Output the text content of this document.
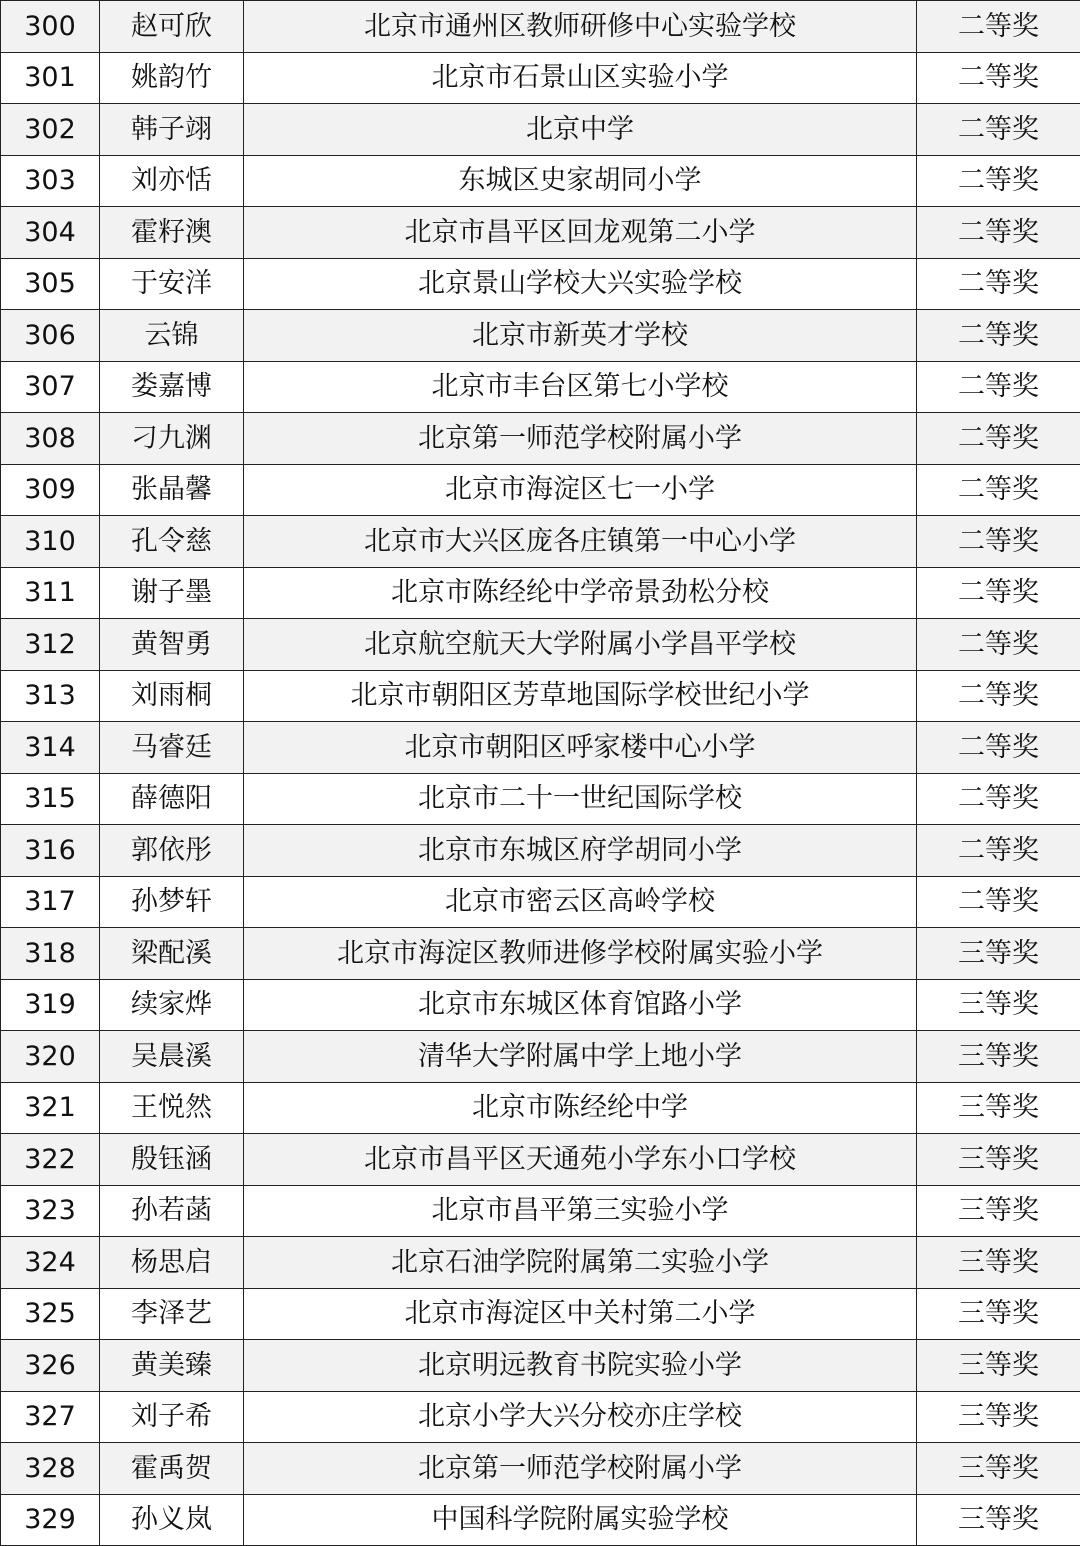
300	赵可欣	北京市通州区教师研修中心实验学校	二等奖
301	姚韵竹	北京市石景山区实验小学	二等奖
302	韩子翊	北京中学	二等奖
303	刘亦恬	东城区史家胡同小学	二等奖
304	霍籽澳	北京市昌平区回龙观第二小学	二等奖
305	于安洋	北京景山学校大兴实验学校	二等奖
306	云锦	北京市新英才学校	二等奖
307	娄嘉博	北京市丰台区第七小学校	二等奖
308	刁九渊	北京第一师范学校附属小学	二等奖
309	张晶馨	北京市海淀区七一小学	二等奖
310	孔令慈	北京市大兴区庞各庄镇第一中心小学	二等奖
311	谢子墨	北京市陈经纶中学帝景劲松分校	二等奖
312	黄智勇	北京航空航天大学附属小学昌平学校	二等奖
313	刘雨桐	北京市朝阳区芳草地国际学校世纪小学	二等奖
314	马睿廷	北京市朝阳区呼家楼中心小学	二等奖
315	薛德阳	北京市二十一世纪国际学校	二等奖
316	郭依彤	北京市东城区府学胡同小学	二等奖
317	孙梦轩	北京市密云区高岭学校	二等奖
318	梁配溪	北京市海淀区教师进修学校附属实验小学	三等奖
319	续家烨	北京市东城区体育馆路小学	三等奖
320	吴晨溪	清华大学附属中学上地小学	三等奖
321	王悦然	北京市陈经纶中学	三等奖
322	殷钰涵	北京市昌平区天通苑小学东小口学校	三等奖
323	孙若菡	北京市昌平第三实验小学	三等奖
324	杨思启	北京石油学院附属第二实验小学	三等奖
325	李泽艺	北京市海淀区中关村第二小学	三等奖
326	黄美臻	北京明远教育书院实验小学	三等奖
327	刘子希	北京小学大兴分校亦庄学校	三等奖
328	霍禹贺	北京第一师范学校附属小学	三等奖
329	孙义岚	中国科学院附属实验学校	三等奖
